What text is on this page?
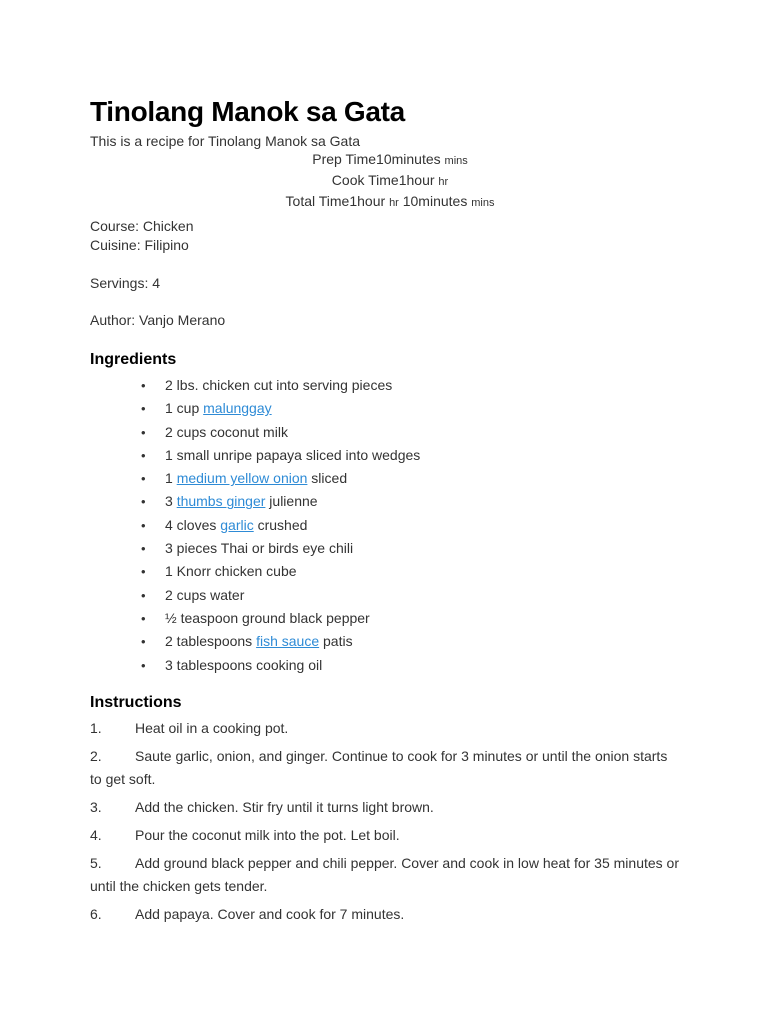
Tinolang Manok sa Gata
This is a recipe for Tinolang Manok sa Gata
Prep Time10minutes mins
Cook Time1hour hr
Total Time1hour hr 10minutes mins
Course: Chicken
Cuisine: Filipino
Servings: 4
Author: Vanjo Merano
Ingredients
• 2 lbs. chicken cut into serving pieces
• 1 cup malunggay
• 2 cups coconut milk
• 1 small unripe papaya sliced into wedges
• 1 medium yellow onion sliced
• 3 thumbs ginger julienne
• 4 cloves garlic crushed
• 3 pieces Thai or birds eye chili
• 1 Knorr chicken cube
• 2 cups water
• ½ teaspoon ground black pepper
• 2 tablespoons fish sauce patis
• 3 tablespoons cooking oil
Instructions
1. Heat oil in a cooking pot.
2. Saute garlic, onion, and ginger. Continue to cook for 3 minutes or until the onion starts to get soft.
3. Add the chicken. Stir fry until it turns light brown.
4. Pour the coconut milk into the pot. Let boil.
5. Add ground black pepper and chili pepper. Cover and cook in low heat for 35 minutes or until the chicken gets tender.
6. Add papaya. Cover and cook for 7 minutes.
